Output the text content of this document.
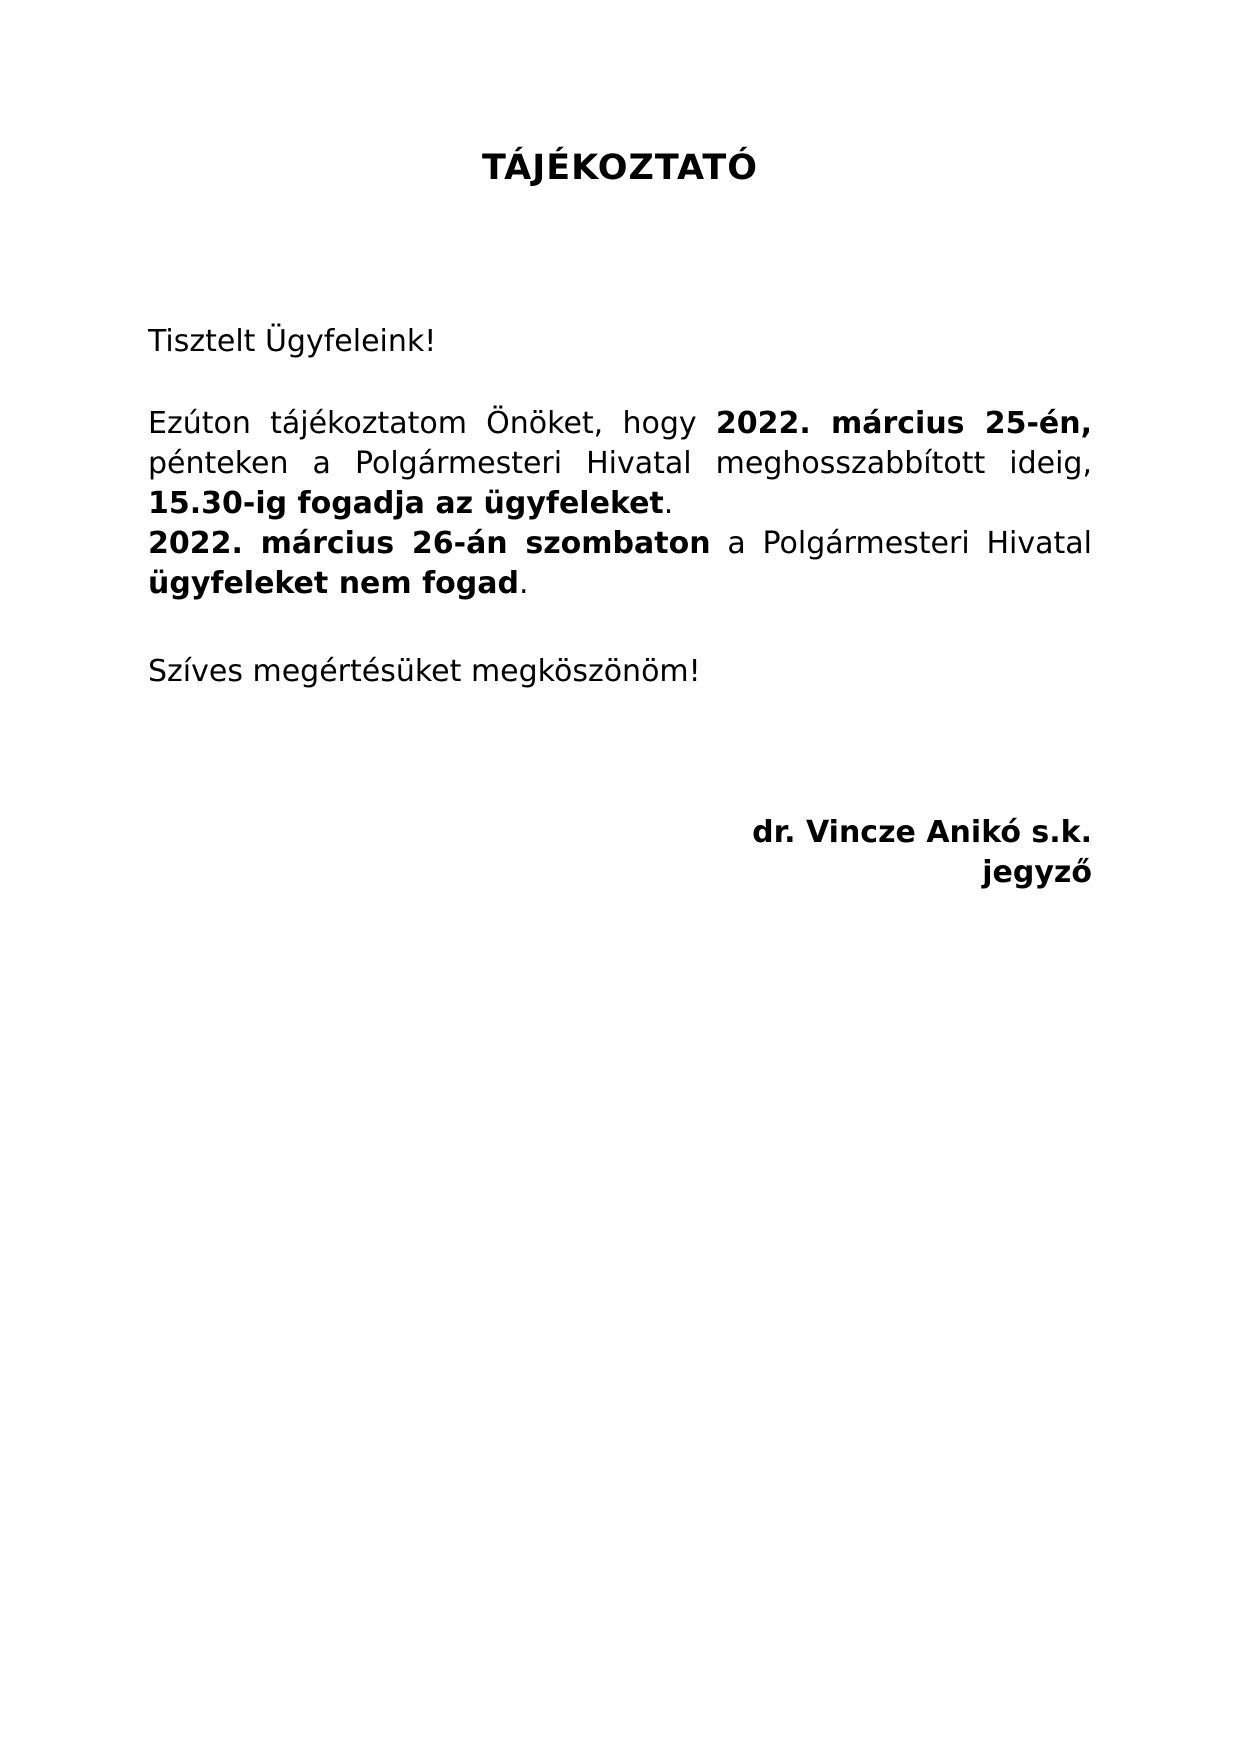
TÁJÉKOZTATÓ
Tisztelt Ügyfeleink!

Ezúton tájékoztatom Önöket, hogy 2022. március 25-én, pénteken a Polgármesteri Hivatal meghosszabbított ideig, 15.30-ig fogadja az ügyfeleket.

2022. március 26-án szombaton a Polgármesteri Hivatal ügyfeleket nem fogad.

Szíves megértésüket megköszönöm!
dr. Vincze Anikó s.k.
jegyző
